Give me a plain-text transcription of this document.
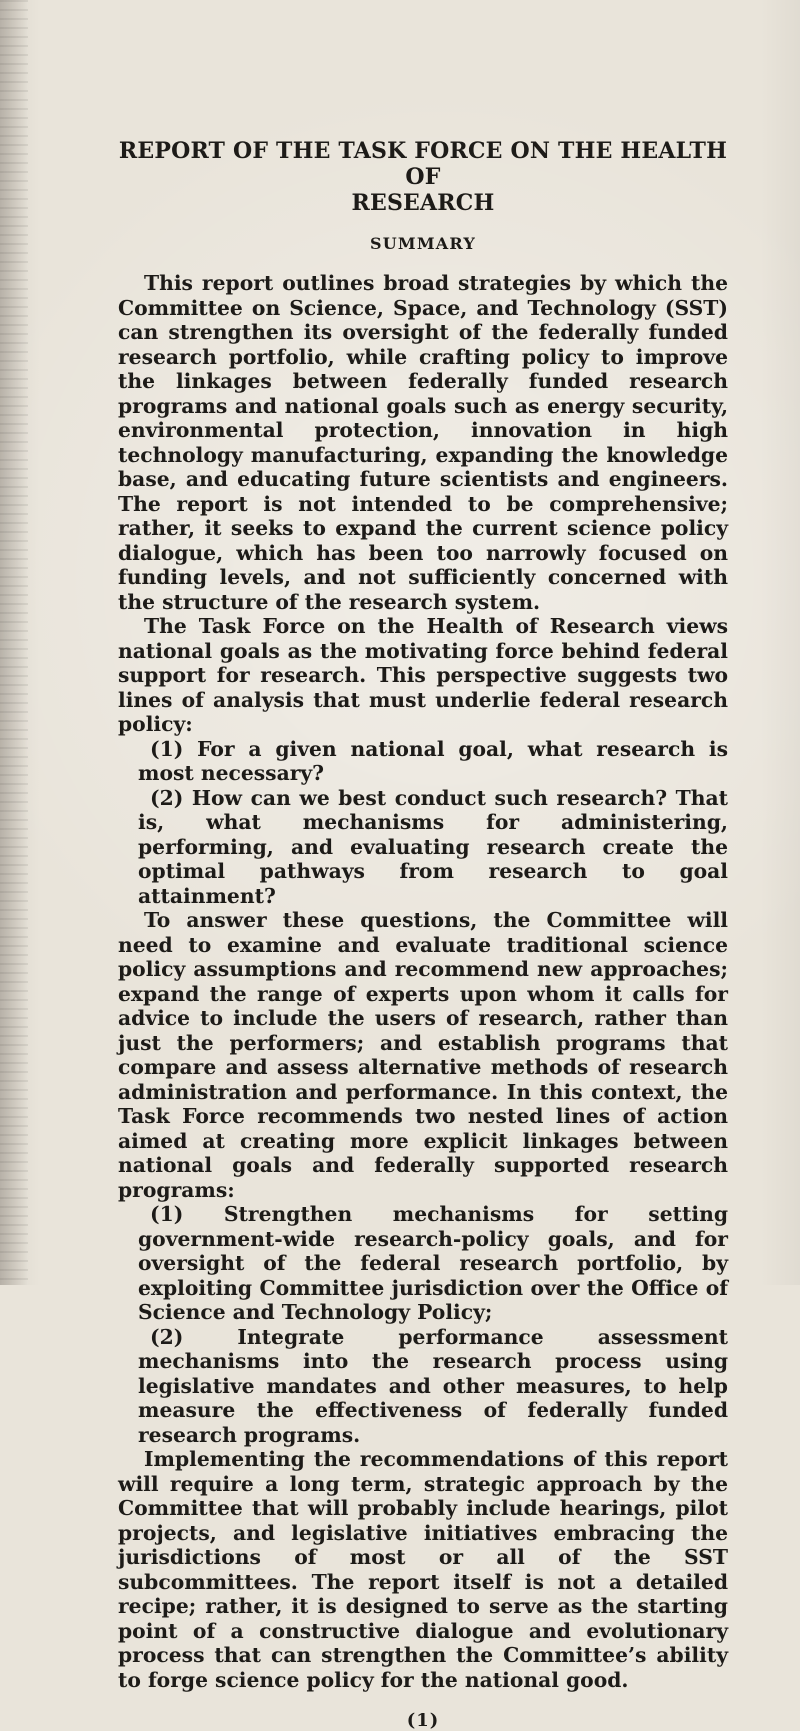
REPORT OF THE TASK FORCE ON THE HEALTH OF
RESEARCH
SUMMARY

This report outlines broad strategies by which the Committee on Science, Space, and Technology (SST) can strengthen its oversight of the federally funded research portfolio, while crafting policy to improve the linkages between federally funded research programs and national goals such as energy security, environmental protection, innovation in high technology manufacturing, expanding the knowledge base, and educating future scientists and engineers. The report is not intended to be comprehensive; rather, it seeks to expand the current science policy dialogue, which has been too narrowly focused on funding levels, and not sufficiently concerned with the structure of the research system.

The Task Force on the Health of Research views national goals as the motivating force behind federal support for research. This perspective suggests two lines of analysis that must underlie federal research policy:

(1) For a given national goal, what research is most necessary?

(2) How can we best conduct such research? That is, what mechanisms for administering, performing, and evaluating research create the optimal pathways from research to goal attainment?

To answer these questions, the Committee will need to examine and evaluate traditional science policy assumptions and recommend new approaches; expand the range of experts upon whom it calls for advice to include the users of research, rather than just the performers; and establish programs that compare and assess alternative methods of research administration and performance. In this context, the Task Force recommends two nested lines of action aimed at creating more explicit linkages between national goals and federally supported research programs:

(1) Strengthen mechanisms for setting government-wide research-policy goals, and for oversight of the federal research portfolio, by exploiting Committee jurisdiction over the Office of Science and Technology Policy;

(2) Integrate performance assessment mechanisms into the research process using legislative mandates and other measures, to help measure the effectiveness of federally funded research programs.

Implementing the recommendations of this report will require a long term, strategic approach by the Committee that will probably include hearings, pilot projects, and legislative initiatives embracing the jurisdictions of most or all of the SST subcommittees. The report itself is not a detailed recipe; rather, it is designed to serve as the starting point of a constructive dialogue and evolutionary process that can strengthen the Committee’s ability to forge science policy for the national good.

(1)
